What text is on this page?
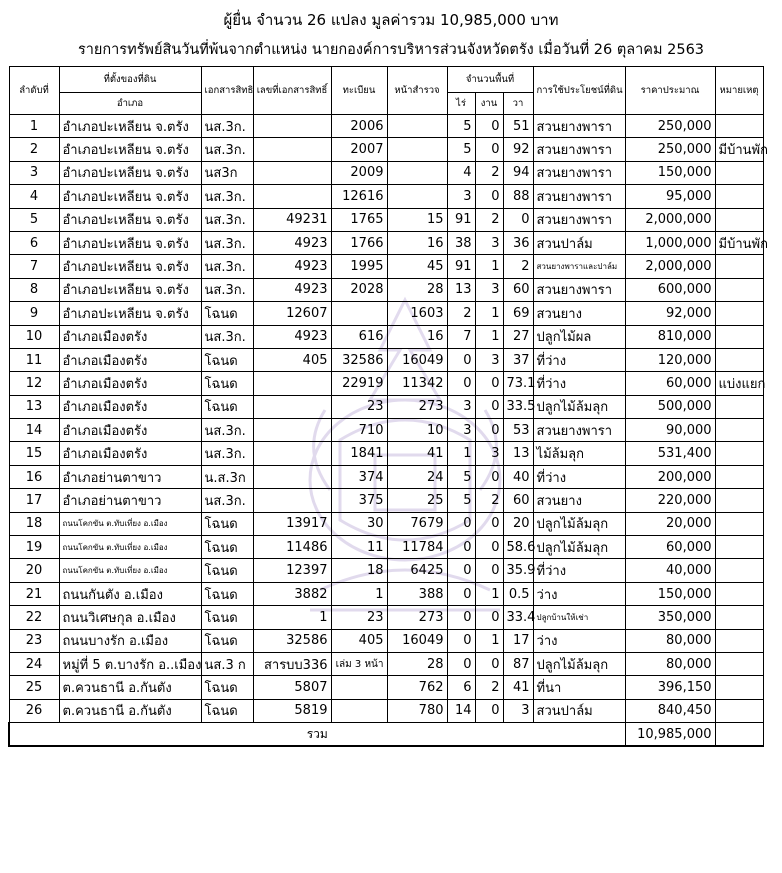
ผู้ยื่น จำนวน 26 แปลง มูลค่ารวม 10,985,000 บาท
รายการทรัพย์สินวันที่พ้นจากตำแหน่ง นายกองค์การบริหารส่วนจังหวัดตรัง เมื่อวันที่ 26 ตุลาคม 2563
ลำดับที่	ที่ตั้งของที่ดิน	เอกสารสิทธิ	เลขที่เอกสารสิทธิ์	ทะเบียน	หน้าสำรวจ	จำนวนพื้นที่			การใช้ประโยชน์ที่ดิน	ราคาประมาณ	หมายเหตุ
	อำเภอ					ไร่	งาน	วา			
1	อำเภอปะเหลียน จ.ตรัง	นส.3ก.		2006		5	0	51	สวนยางพารา	250,000	
2	อำเภอปะเหลียน จ.ตรัง	นส.3ก.		2007		5	0	92	สวนยางพารา	250,000	มีบ้านพัก
3	อำเภอปะเหลียน จ.ตรัง	นส3ก		2009		4	2	94	สวนยางพารา	150,000	
4	อำเภอปะเหลียน จ.ตรัง	นส.3ก.		12616		3	0	88	สวนยางพารา	95,000	
5	อำเภอปะเหลียน จ.ตรัง	นส.3ก.	49231	1765	15	91	2	0	สวนยางพารา	2,000,000	
6	อำเภอปะเหลียน จ.ตรัง	นส.3ก.	4923	1766	16	38	3	36	สวนปาล์ม	1,000,000	มีบ้านพัก
7	อำเภอปะเหลียน จ.ตรัง	นส.3ก.	4923	1995	45	91	1	2	สวนยางพาราและปาล์ม	2,000,000	
8	อำเภอปะเหลียน จ.ตรัง	นส.3ก.	4923	2028	28	13	3	60	สวนยางพารา	600,000	
9	อำเภอปะเหลียน จ.ตรัง	โฉนด	12607		1603	2	1	69	สวนยาง	92,000	
10	อำเภอเมืองตรัง	นส.3ก.	4923	616	16	7	1	27	ปลูกไม้ผล	810,000	
11	อำเภอเมืองตรัง	โฉนด	405	32586	16049	0	3	37	ที่ว่าง	120,000	
12	อำเภอเมืองตรัง	โฉนด		22919	11342	0	0	73.1	ที่ว่าง	60,000	แบ่งแยก
13	อำเภอเมืองตรัง	โฉนด		23	273	3	0	33.5	ปลูกไม้ล้มลุก	500,000	
14	อำเภอเมืองตรัง	นส.3ก.		710	10	3	0	53	สวนยางพารา	90,000	
15	อำเภอเมืองตรัง	นส.3ก.		1841	41	1	3	13	ไม้ล้มลุก	531,400	
16	อำเภอย่านตาขาว	น.ส.3ก		374	24	5	0	40	ที่ว่าง	200,000	
17	อำเภอย่านตาขาว	นส.3ก.		375	25	5	2	60	สวนยาง	220,000	
18	ถนนโคกขัน ต.ทับเที่ยง อ.เมือง	โฉนด	13917	30	7679	0	0	20	ปลูกไม้ล้มลุก	20,000	
19	ถนนโคกขัน ต.ทับเที่ยง อ.เมือง	โฉนด	11486	11	11784	0	0	58.6	ปลูกไม้ล้มลุก	60,000	
20	ถนนโคกขัน ต.ทับเที่ยง อ.เมือง	โฉนด	12397	18	6425	0	0	35.9	ที่ว่าง	40,000	
21	ถนนกันตัง อ.เมือง	โฉนด	3882	1	388	0	1	0.5	ว่าง	150,000	
22	ถนนวิเศษกุล อ.เมือง	โฉนด	1	23	273	0	0	33.4	ปลูกบ้านให้เช่า	350,000	
23	ถนนบางรัก อ.เมือง	โฉนด	32586	405	16049	0	1	17	ว่าง	80,000	
24	หมู่ที่ 5 ต.บางรัก อ..เมือง	นส.3 ก	สารบบ336	เล่ม 3 หน้า	28	0	0	87	ปลูกไม้ล้มลุก	80,000	
25	ต.ควนธานี อ.กันตัง	โฉนด	5807		762	6	2	41	ที่นา	396,150	
26	ต.ควนธานี อ.กันตัง	โฉนด	5819		780	14	0	3	สวนปาล์ม	840,450	
รวม										10,985,000	
